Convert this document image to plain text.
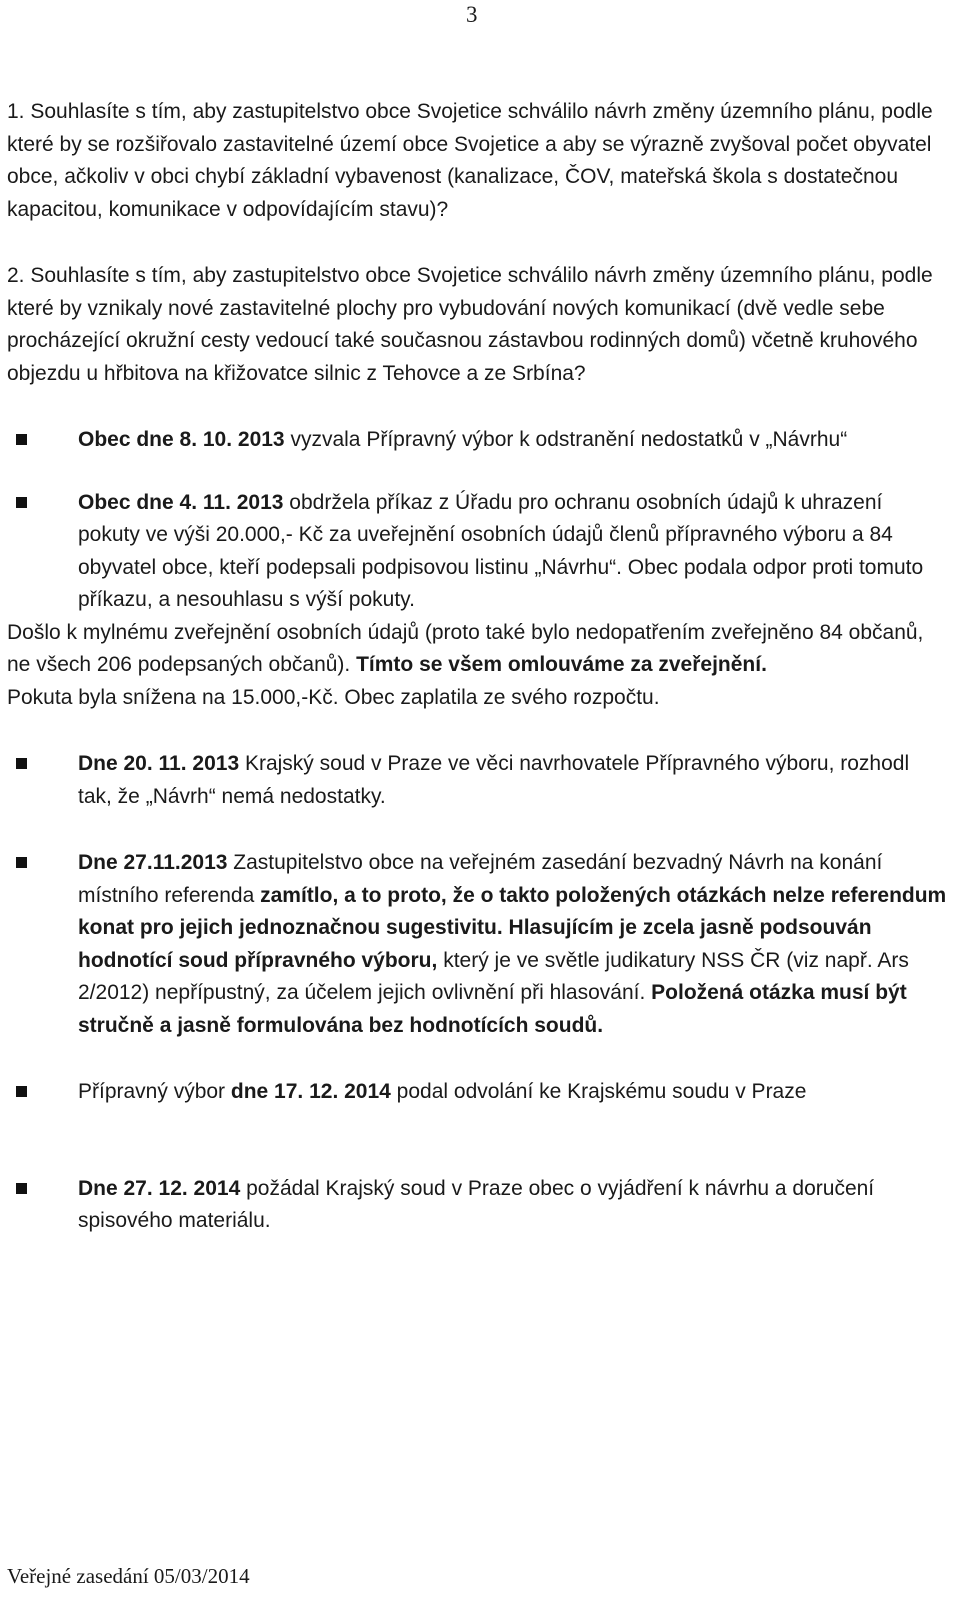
3

1. Souhlasíte s tím, aby zastupitelstvo obce Svojetice schválilo návrh změny územního plánu, podle které by se rozšiřovalo zastavitelné území obce Svojetice a aby se výrazně zvyšoval počet obyvatel obce, ačkoliv v obci chybí základní vybavenost (kanalizace, ČOV, mateřská škola s dostatečnou kapacitou, komunikace v odpovídajícím stavu)?

2. Souhlasíte s tím, aby zastupitelstvo obce Svojetice schválilo návrh změny územního plánu, podle které by vznikaly nové zastavitelné plochy pro vybudování nových komunikací (dvě vedle sebe procházející okružní cesty vedoucí také současnou zástavbou rodinných domů) včetně kruhového objezdu u hřbitova na křižovatce silnic z Tehovce a ze Srbína?

Obec dne 8. 10. 2013 vyzvala Přípravný výbor k odstranění nedostatků v „Návrhu“
Obec dne 4. 11. 2013 obdržela příkaz z Úřadu pro ochranu osobních údajů k uhrazení pokuty ve výši 20.000,- Kč za uveřejnění osobních údajů členů přípravného výboru a 84 obyvatel obce, kteří podepsali podpisovou listinu „Návrhu“. Obec podala odpor proti tomuto příkazu, a nesouhlasu s výší pokuty.

Došlo k mylnému zveřejnění osobních údajů (proto také bylo nedopatřením zveřejněno 84 občanů, ne všech 206 podepsaných občanů). Tímto se všem omlouváme za zveřejnění.

Pokuta byla snížena na 15.000,-Kč. Obec zaplatila ze svého rozpočtu.

Dne 20. 11. 2013 Krajský soud v Praze ve věci navrhovatele Přípravného výboru, rozhodl tak, že „Návrh“ nemá nedostatky.
Dne 27.11.2013 Zastupitelstvo obce na veřejném zasedání bezvadný Návrh na konání místního referenda zamítlo, a to proto, že o takto položených otázkách nelze referendum konat pro jejich jednoznačnou sugestivitu. Hlasujícím je zcela jasně podsouván hodnotící soud přípravného výboru, který je ve světle judikatury NSS ČR (viz např. Ars 2/2012) nepřípustný, za účelem jejich ovlivnění při hlasování. Položená otázka musí být stručně a jasně formulována bez hodnotících soudů.
Přípravný výbor dne 17. 12. 2014 podal odvolání ke Krajskému soudu v Praze
Dne 27. 12. 2014 požádal Krajský soud v Praze obec o vyjádření k návrhu a doručení spisového materiálu.
Veřejné zasedání 05/03/2014
